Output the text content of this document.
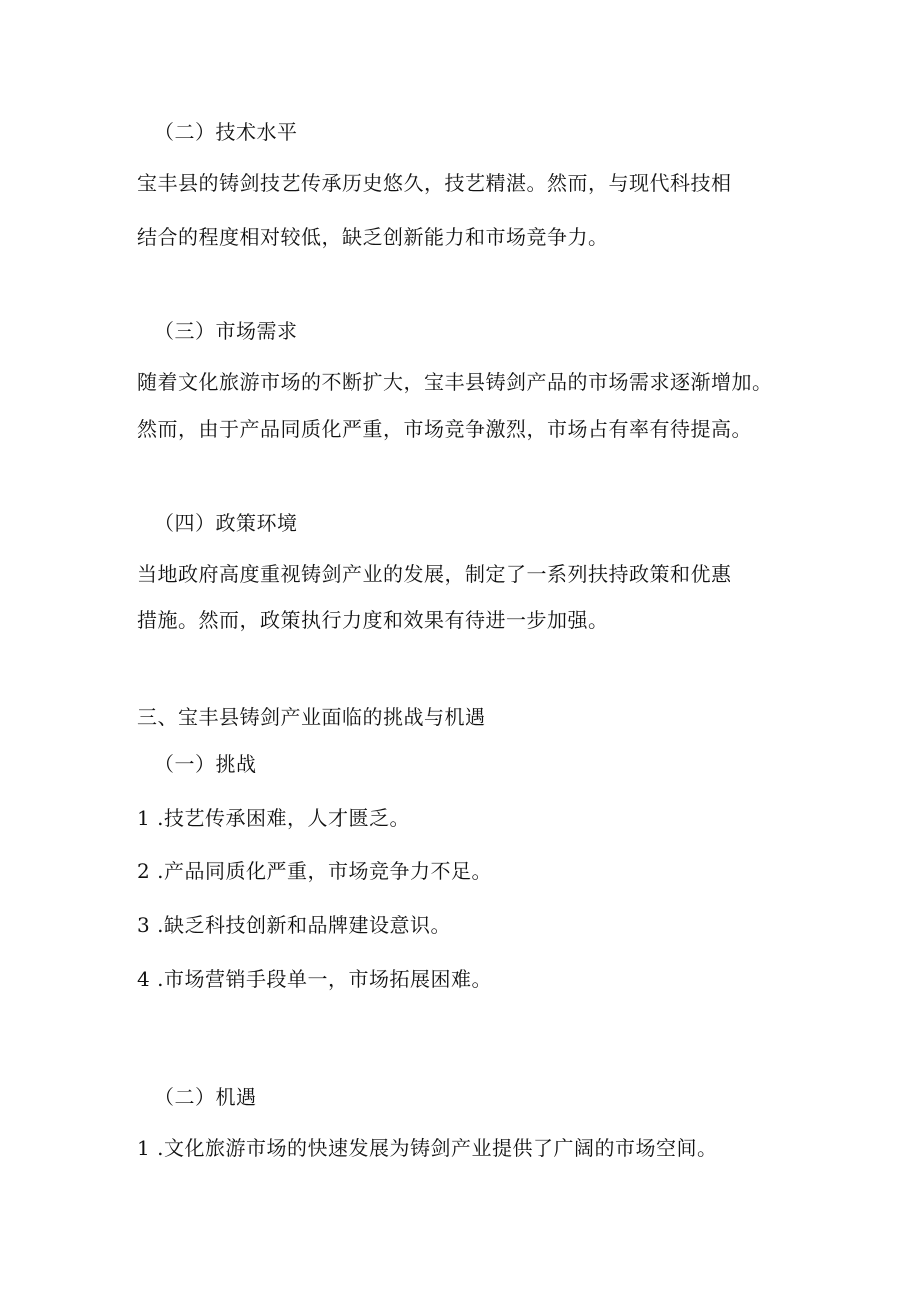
（二）技术水平
宝丰县的铸剑技艺传承历史悠久，技艺精湛。然而，与现代科技相
结合的程度相对较低，缺乏创新能力和市场竞争力。
（三）市场需求
随着文化旅游市场的不断扩大，宝丰县铸剑产品的市场需求逐渐增加。
然而，由于产品同质化严重，市场竞争激烈，市场占有率有待提高。
（四）政策环境
当地政府高度重视铸剑产业的发展，制定了一系列扶持政策和优惠
措施。然而，政策执行力度和效果有待进一步加强。
三、宝丰县铸剑产业面临的挑战与机遇
（一）挑战
1 .技艺传承困难，人才匮乏。
2 .产品同质化严重，市场竞争力不足。
3 .缺乏科技创新和品牌建设意识。
4 .市场营销手段单一，市场拓展困难。
（二）机遇
1 .文化旅游市场的快速发展为铸剑产业提供了广阔的市场空间。
